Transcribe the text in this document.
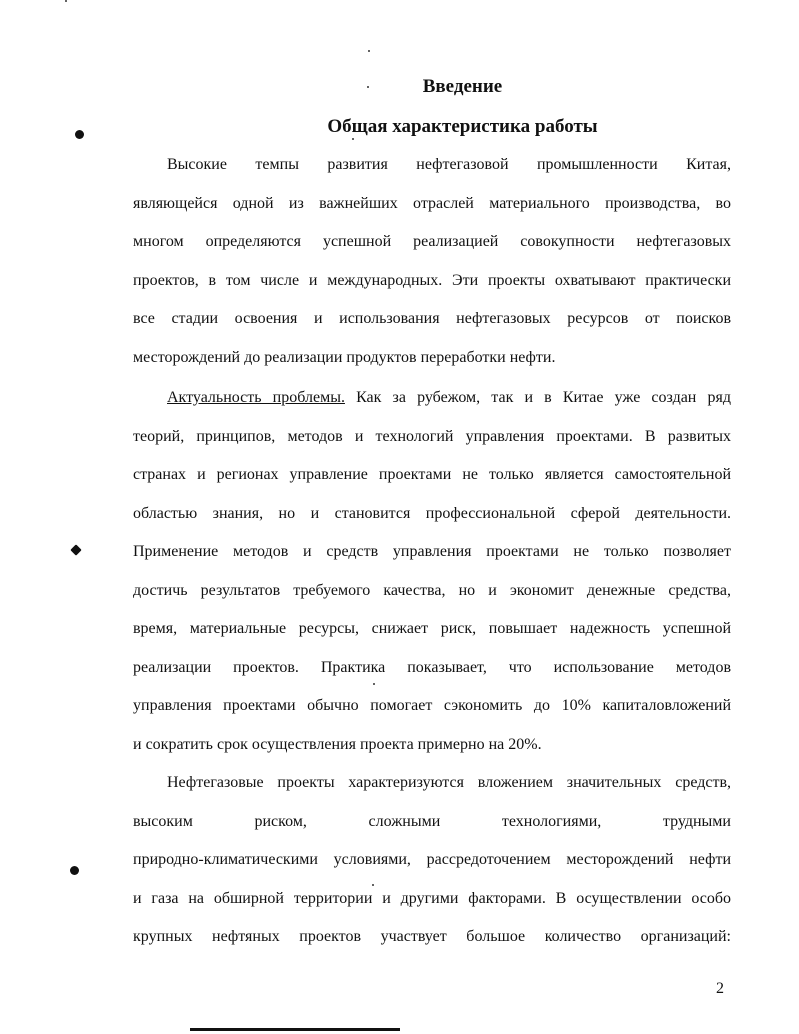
Введение
Общая характеристика работы
Высокие темпы развития нефтегазовой промышленности Китая,
являющейся одной из важнейших отраслей материального производства, во
многом определяются успешной реализацией совокупности нефтегазовых
проектов, в том числе и международных. Эти проекты охватывают практически
все стадии освоения и использования нефтегазовых ресурсов от поисков
месторождений до реализации продуктов переработки нефти.
Актуальность проблемы. Как за рубежом, так и в Китае уже создан ряд
теорий, принципов, методов и технологий управления проектами. В развитых
странах и регионах управление проектами не только является самостоятельной
областью знания, но и становится профессиональной сферой деятельности.
Применение методов и средств управления проектами не только позволяет
достичь результатов требуемого качества, но и экономит денежные средства,
время, материальные ресурсы, снижает риск, повышает надежность успешной
реализации проектов. Практика показывает, что использование методов
управления проектами обычно помогает сэкономить до 10% капиталовложений
и сократить срок осуществления проекта примерно на 20%.
Нефтегазовые проекты характеризуются вложением значительных средств,
высоким риском, сложными технологиями, трудными
природно-климатическими условиями, рассредоточением месторождений нефти
и газа на обширной территории и другими факторами. В осуществлении особо
крупных нефтяных проектов участвует большое количество организаций:
2
